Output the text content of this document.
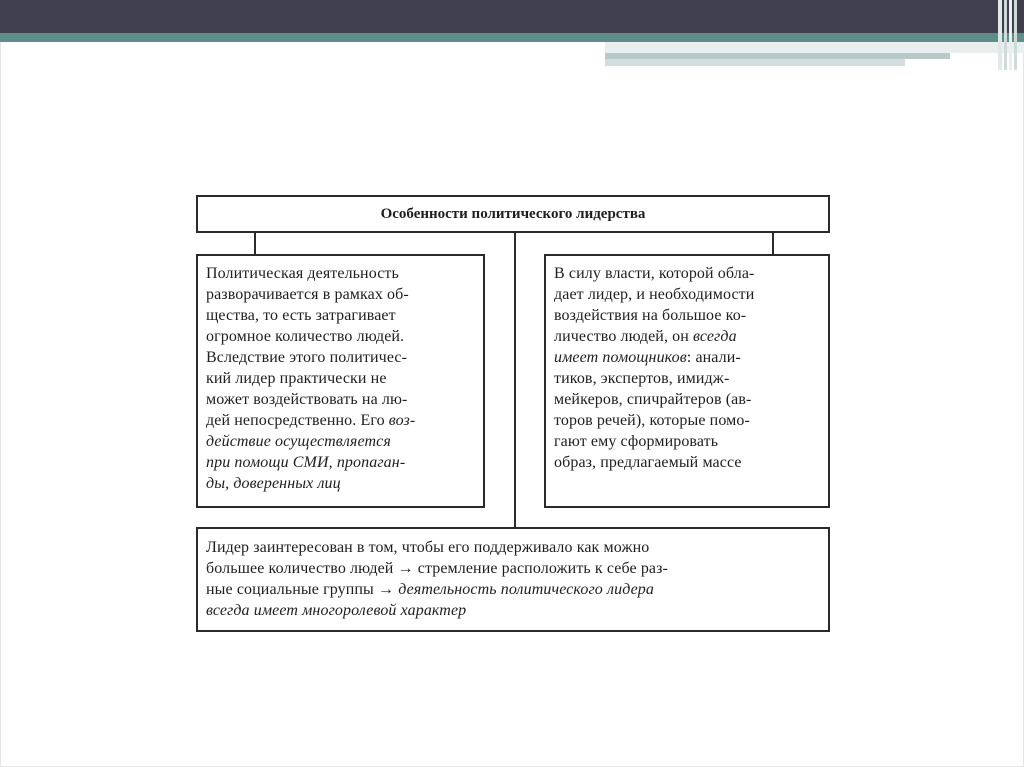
Особенности политического лидерства
Политическая деятельность
разворачивается в рамках об-
щества, то есть затрагивает
огромное количество людей.
Вследствие этого политичес-
кий лидер практически не
может воздействовать на лю-
дей непосредственно. Его воз-
действие осуществляется
при помощи СМИ, пропаган-
ды, доверенных лиц
В силу власти, которой обла-
дает лидер, и необходимости
воздействия на большое ко-
личество людей, он всегда
имеет помощников: анали-
тиков, экспертов, имидж-
мейкеров, спичрайтеров (ав-
торов речей), которые помо-
гают ему сформировать
образ, предлагаемый массе
Лидер заинтересован в том, чтобы его поддерживало как можно
большее количество людей → стремление расположить к себе раз-
ные социальные группы → деятельность политического лидера
всегда имеет многоролевой характер
